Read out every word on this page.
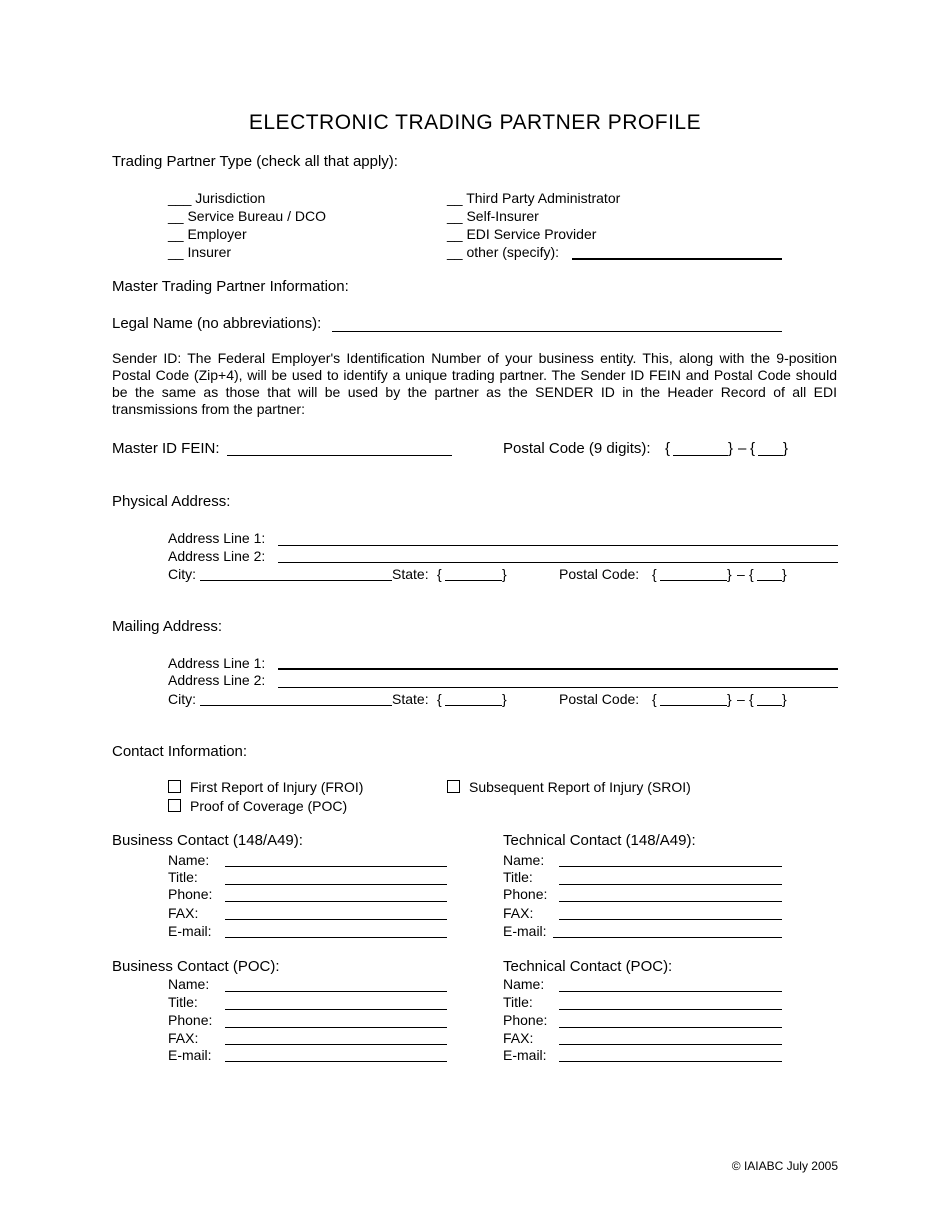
ELECTRONIC TRADING PARTNER PROFILE
Trading Partner Type (check all that apply):
___ Jurisdiction
__ Service Bureau / DCO
__ Employer
__ Insurer
__ Third Party Administrator
__ Self-Insurer
__ EDI Service Provider
__ other (specify):
Master Trading Partner Information:
Legal Name (no abbreviations):
Sender ID: The Federal Employer's Identification Number of your business entity. This, along with the 9-position Postal Code (Zip+4), will be used to identify a unique trading partner. The Sender ID FEIN and Postal Code should be the same as those that will be used by the partner as the SENDER ID in the Header Record of all EDI transmissions from the partner:
Master ID FEIN:	Postal Code (9 digits): {	} – { }
Physical Address:
Address Line 1:
Address Line 2:
City:	State: {	}	Postal Code: {	} – { }
Mailing Address:
Address Line 1:
Address Line 2:
City:	State: {	}	Postal Code: {	} – { }
Contact Information:
First Report of Injury (FROI)	Subsequent Report of Injury (SROI)
Proof of Coverage (POC)
Business Contact (148/A49):
Name:
Title:
Phone:
FAX:
E-mail:
Technical Contact (148/A49):
Name:
Title:
Phone:
FAX:
E-mail:
Business Contact (POC):
Name:
Title:
Phone:
FAX:
E-mail:
Technical Contact (POC):
Name:
Title:
Phone:
FAX:
E-mail:
© IAIABC July 2005
